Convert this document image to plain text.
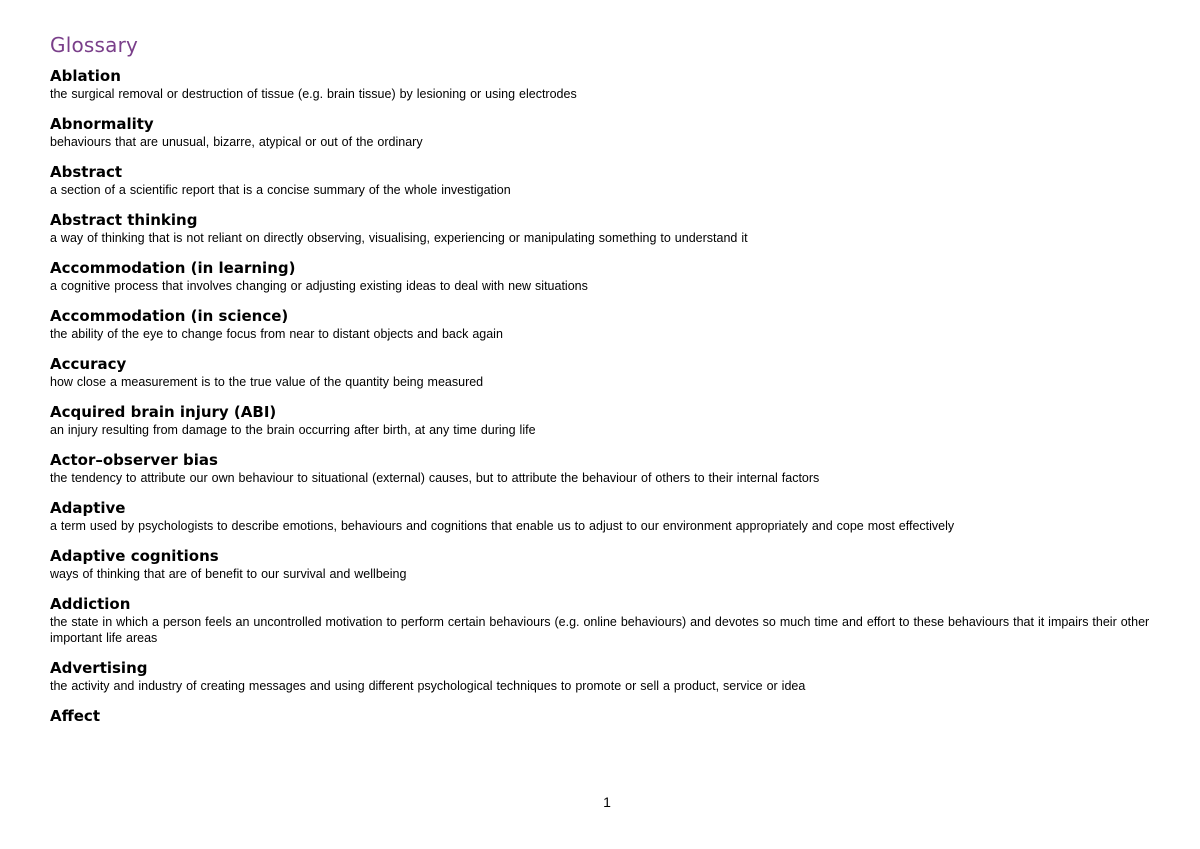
Glossary
Ablation
the surgical removal or destruction of tissue (e.g. brain tissue) by lesioning or using electrodes
Abnormality
behaviours that are unusual, bizarre, atypical or out of the ordinary
Abstract
a section of a scientific report that is a concise summary of the whole investigation
Abstract thinking
a way of thinking that is not reliant on directly observing, visualising, experiencing or manipulating something to understand it
Accommodation (in learning)
a cognitive process that involves changing or adjusting existing ideas to deal with new situations
Accommodation (in science)
the ability of the eye to change focus from near to distant objects and back again
Accuracy
how close a measurement is to the true value of the quantity being measured
Acquired brain injury (ABI)
an injury resulting from damage to the brain occurring after birth, at any time during life
Actor–observer bias
the tendency to attribute our own behaviour to situational (external) causes, but to attribute the behaviour of others to their internal factors
Adaptive
a term used by psychologists to describe emotions, behaviours and cognitions that enable us to adjust to our environment appropriately and cope most effectively
Adaptive cognitions
ways of thinking that are of benefit to our survival and wellbeing
Addiction
the state in which a person feels an uncontrolled motivation to perform certain behaviours (e.g. online behaviours) and devotes so much time and effort to these behaviours that it impairs their other important life areas
Advertising
the activity and industry of creating messages and using different psychological techniques to promote or sell a product, service or idea
Affect
1
